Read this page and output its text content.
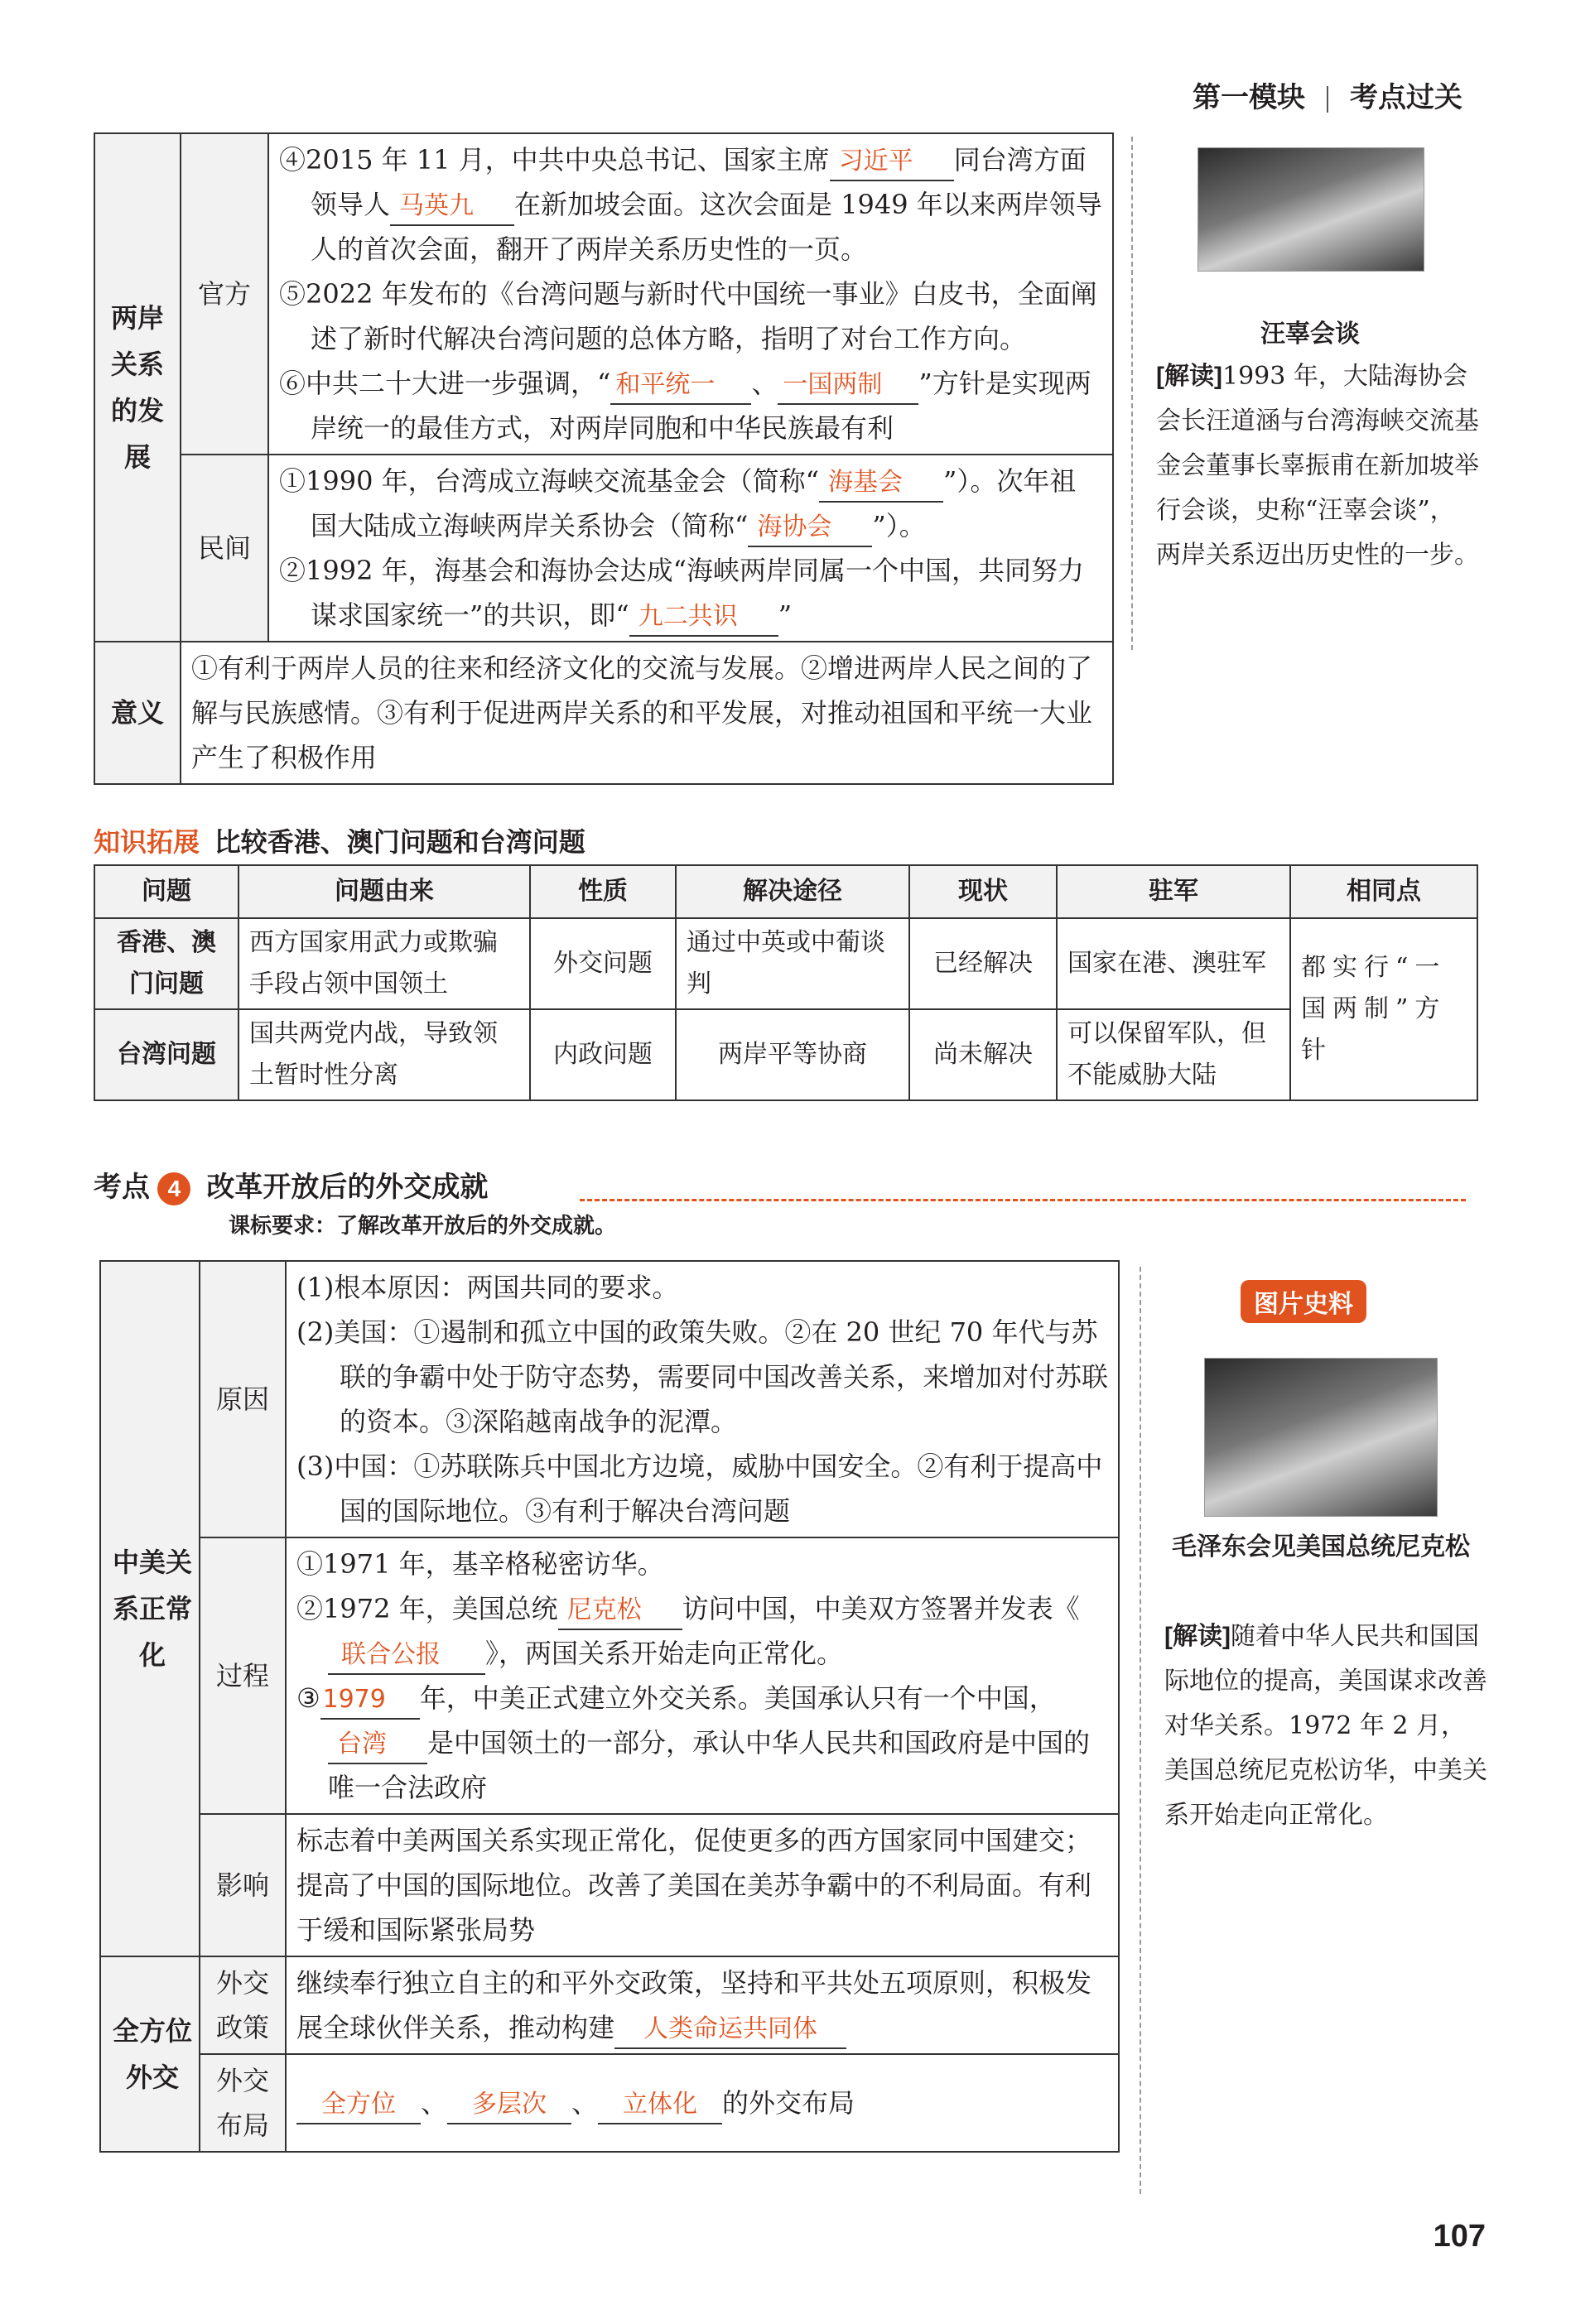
第一模块 考点过关
两岸关系的发展	官方	④2015 年 11 月，中共中央总书记、国家主席 习近平 同台湾方面领导人 马英九 在新加坡会面。这次会面是 1949 年以来两岸领导人的首次会面，翻开了两岸关系历史性的一页。
⑤2022 年发布的《台湾问题与新时代中国统一事业》白皮书，全面阐述了新时代解决台湾问题的总体方略，指明了对台工作方向。
⑥中共二十大进一步强调，“ 和平统一 、 一国两制 ”方针是实现两岸统一的最佳方式，对两岸同胞和中华民族最有利

	民间	①1990 年，台湾成立海峡交流基金会（简称“ 海基会 ”）。次年祖国大陆成立海峡两岸关系协会（简称“ 海协会 ”）。
②1992 年，海基会和海协会达成“海峡两岸同属一个中国，共同努力谋求国家统一”的共识，即“ 九二共识 ”

意义	①有利于两岸人员的往来和经济文化的交流与发展。②增进两岸人民之间的了解与民族感情。③有利于促进两岸关系的和平发展，对推动祖国和平统一大业产生了积极作用	
汪辜会谈
[解读]1993 年，大陆海协会会长汪道涵与台湾海峡交流基金会董事长辜振甫在新加坡举行会谈，史称“汪辜会谈”，两岸关系迈出历史性的一步。
知识拓展 比较香港、澳门问题和台湾问题
问题	问题由来	性质	解决途径	现状	驻军	相同点
香港、澳门问题	西方国家用武力或欺骗手段占领中国领土	外交问题	通过中英或中葡谈判	已经解决	国家在港、澳驻军	都实行“一国两制”方针
台湾问题	国共两党内战，导致领土暂时性分离	内政问题	两岸平等协商	尚未解决	可以保留军队，但不能威胁大陆	
考点 4 改革开放后的外交成就
课标要求：了解改革开放后的外交成就。
中美关系正常化	原因	(1)根本原因：两国共同的要求。
(2)美国：①遏制和孤立中国的政策失败。②在 20 世纪 70 年代与苏联的争霸中处于防守态势，需要同中国改善关系，来增加对付苏联的资本。③深陷越南战争的泥潭。
(3)中国：①苏联陈兵中国北方边境，威胁中国安全。②有利于提高中国的国际地位。③有利于解决台湾问题

	过程	①1971 年，基辛格秘密访华。
②1972 年，美国总统 尼克松 访问中国，中美双方签署并发表《联合公报 》，两国关系开始走向正常化。
③1979 年，中美正式建立外交关系。美国承认只有一个中国，台湾 是中国领土的一部分，承认中华人民共和国政府是中国的唯一合法政府

	影响	标志着中美两国关系实现正常化，促使更多的西方国家同中国建交；提高了中国的国际地位。改善了美国在美苏争霸中的不利局面。有利于缓和国际紧张局势

全方位外交	外交政策	继续奉行独立自主的和平外交政策，坚持和平共处五项原则，积极发展全球伙伴关系，推动构建 人类命运共同体

	外交布局	全方位 、 多层次 、 立体化 的外交布局
图片史料
毛泽东会见美国总统尼克松
[解读]随着中华人民共和国国际地位的提高，美国谋求改善对华关系。1972 年 2 月，美国总统尼克松访华，中美关系开始走向正常化。
107
